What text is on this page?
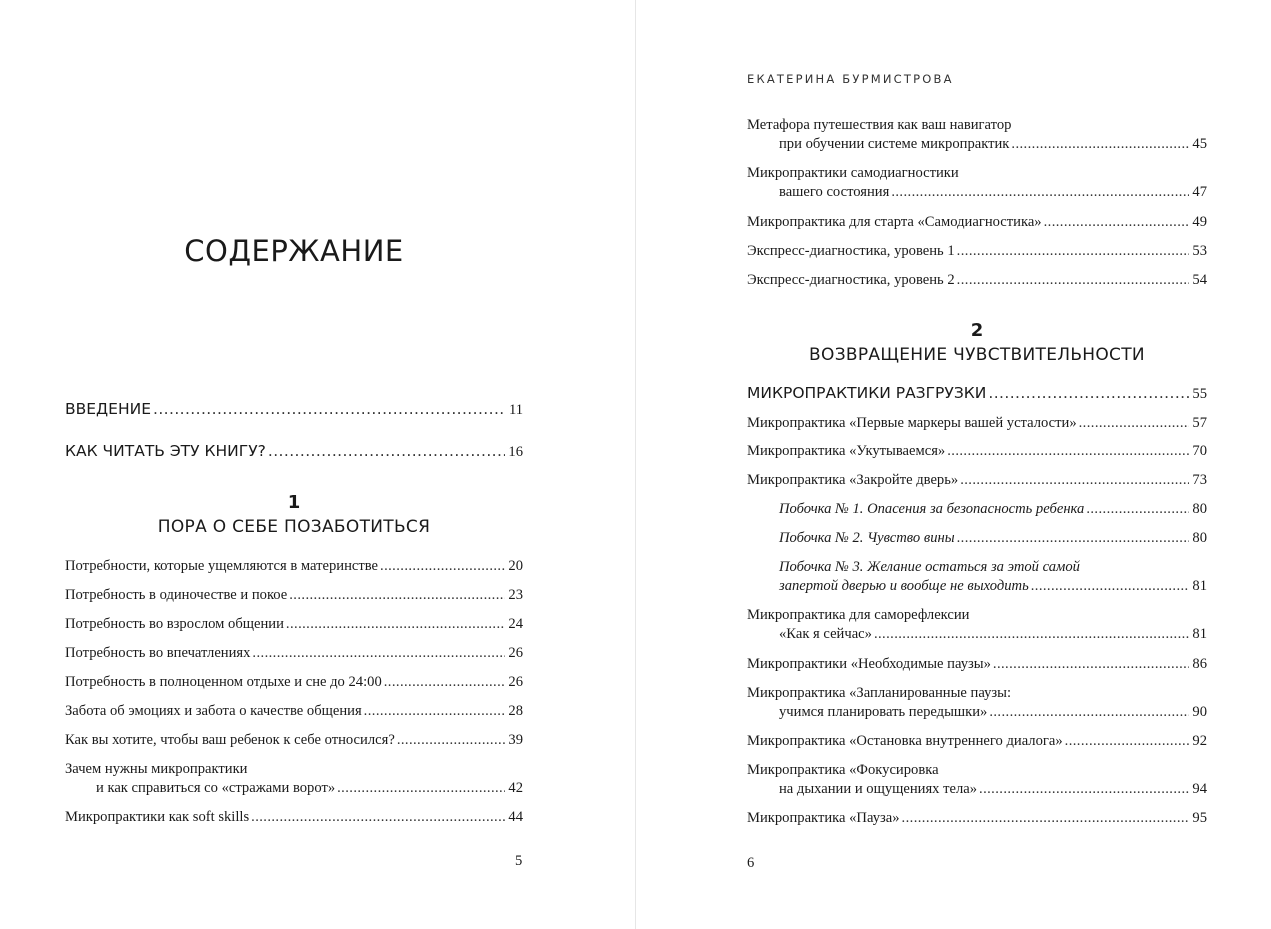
СОДЕРЖАНИЕ
ВВЕДЕНИЕ .....	11
КАК ЧИТАТЬ ЭТУ КНИГУ? .....	16
1
ПОРА О СЕБЕ ПОЗАБОТИТЬСЯ
Потребности, которые ущемляются в материнстве .....	20
Потребность в одиночестве и покое .....	23
Потребность во взрослом общении .....	24
Потребность во впечатлениях .....	26
Потребность в полноценном отдыхе и сне до 24:00 .....	26
Забота об эмоциях и забота о качестве общения .....	28
Как вы хотите, чтобы ваш ребенок к себе относился? .....	39
Зачем нужны микропрактики
и как справиться со «стражами ворот» .....	42
Микропрактики как soft skills .....	44
5
ЕКАТЕРИНА БУРМИСТРОВА
Метафора путешествия как ваш навигатор
при обучении системе микропрактик .....	45
Микропрактики самодиагностики
вашего состояния .....	47
Микропрактика для старта «Самодиагностика» .....	49
Экспресс-диагностика, уровень 1 .....	53
Экспресс-диагностика, уровень 2 .....	54
2
ВОЗВРАЩЕНИЕ ЧУВСТВИТЕЛЬНОСТИ
МИКРОПРАКТИКИ РАЗГРУЗКИ .....	55
Микропрактика «Первые маркеры вашей усталости» .....	57
Микропрактика «Укутываемся» .....	70
Микропрактика «Закройте дверь» .....	73
Побочка № 1. Опасения за безопасность ребенка .....	80
Побочка № 2. Чувство вины .....	80
Побочка № 3. Желание остаться за этой самой
запертой дверью и вообще не выходить .....	81
Микропрактика для саморефлексии
«Как я сейчас» .....	81
Микропрактики «Необходимые паузы» .....	86
Микропрактика «Запланированные паузы:
учимся планировать передышки» .....	90
Микропрактика «Остановка внутреннего диалога» .....	92
Микропрактика «Фокусировка
на дыхании и ощущениях тела» .....	94
Микропрактика «Пауза» .....	95
6
